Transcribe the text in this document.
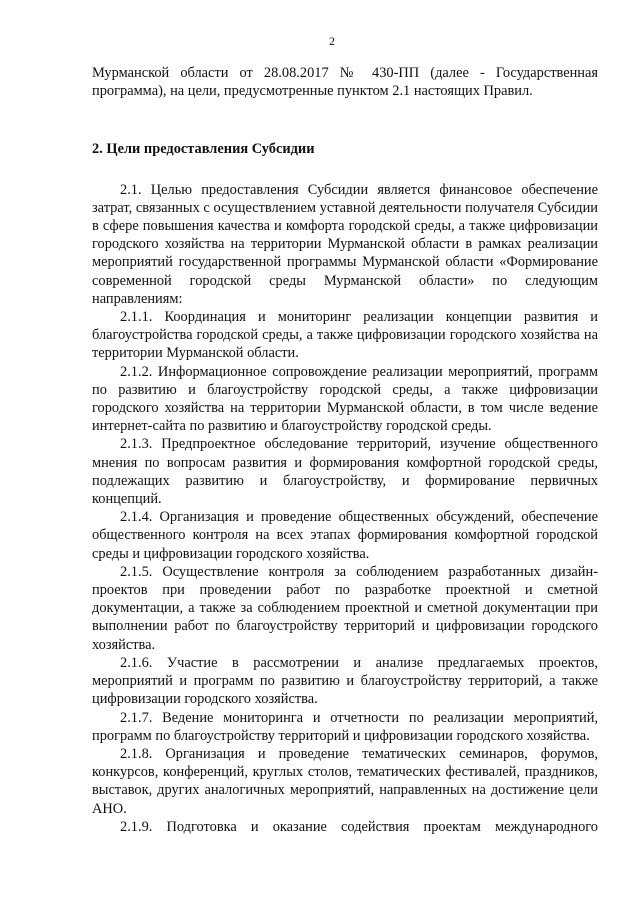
2

Мурманской области от 28.08.2017 № 430-ПП (далее - Государственная программа), на цели, предусмотренные пунктом 2.1 настоящих Правил.

2. Цели предоставления Субсидии

2.1. Целью предоставления Субсидии является финансовое обеспечение затрат, связанных с осуществлением уставной деятельности получателя Субсидии в сфере повышения качества и комфорта городской среды, а также цифровизации городского хозяйства на территории Мурманской области в рамках реализации мероприятий государственной программы Мурманской области «Формирование современной городской среды Мурманской области» по следующим направлениям:

2.1.1. Координация и мониторинг реализации концепции развития и благоустройства городской среды, а также цифровизации городского хозяйства на территории Мурманской области.

2.1.2. Информационное сопровождение реализации мероприятий, программ по развитию и благоустройству городской среды, а также цифровизации городского хозяйства на территории Мурманской области, в том числе ведение интернет-сайта по развитию и благоустройству городской среды.

2.1.3. Предпроектное обследование территорий, изучение общественного мнения по вопросам развития и формирования комфортной городской среды, подлежащих развитию и благоустройству, и формирование первичных концепций.

2.1.4. Организация и проведение общественных обсуждений, обеспечение общественного контроля на всех этапах формирования комфортной городской среды и цифровизации городского хозяйства.

2.1.5. Осуществление контроля за соблюдением разработанных дизайн-проектов при проведении работ по разработке проектной и сметной документации, а также за соблюдением проектной и сметной документации при выполнении работ по благоустройству территорий и цифровизации городского хозяйства.

2.1.6. Участие в рассмотрении и анализе предлагаемых проектов, мероприятий и программ по развитию и благоустройству территорий, а также цифровизации городского хозяйства.

2.1.7. Ведение мониторинга и отчетности по реализации мероприятий, программ по благоустройству территорий и цифровизации городского хозяйства.

2.1.8. Организация и проведение тематических семинаров, форумов, конкурсов, конференций, круглых столов, тематических фестивалей, праздников, выставок, других аналогичных мероприятий, направленных на достижение цели АНО.

2.1.9. Подготовка и оказание содействия проектам международного
